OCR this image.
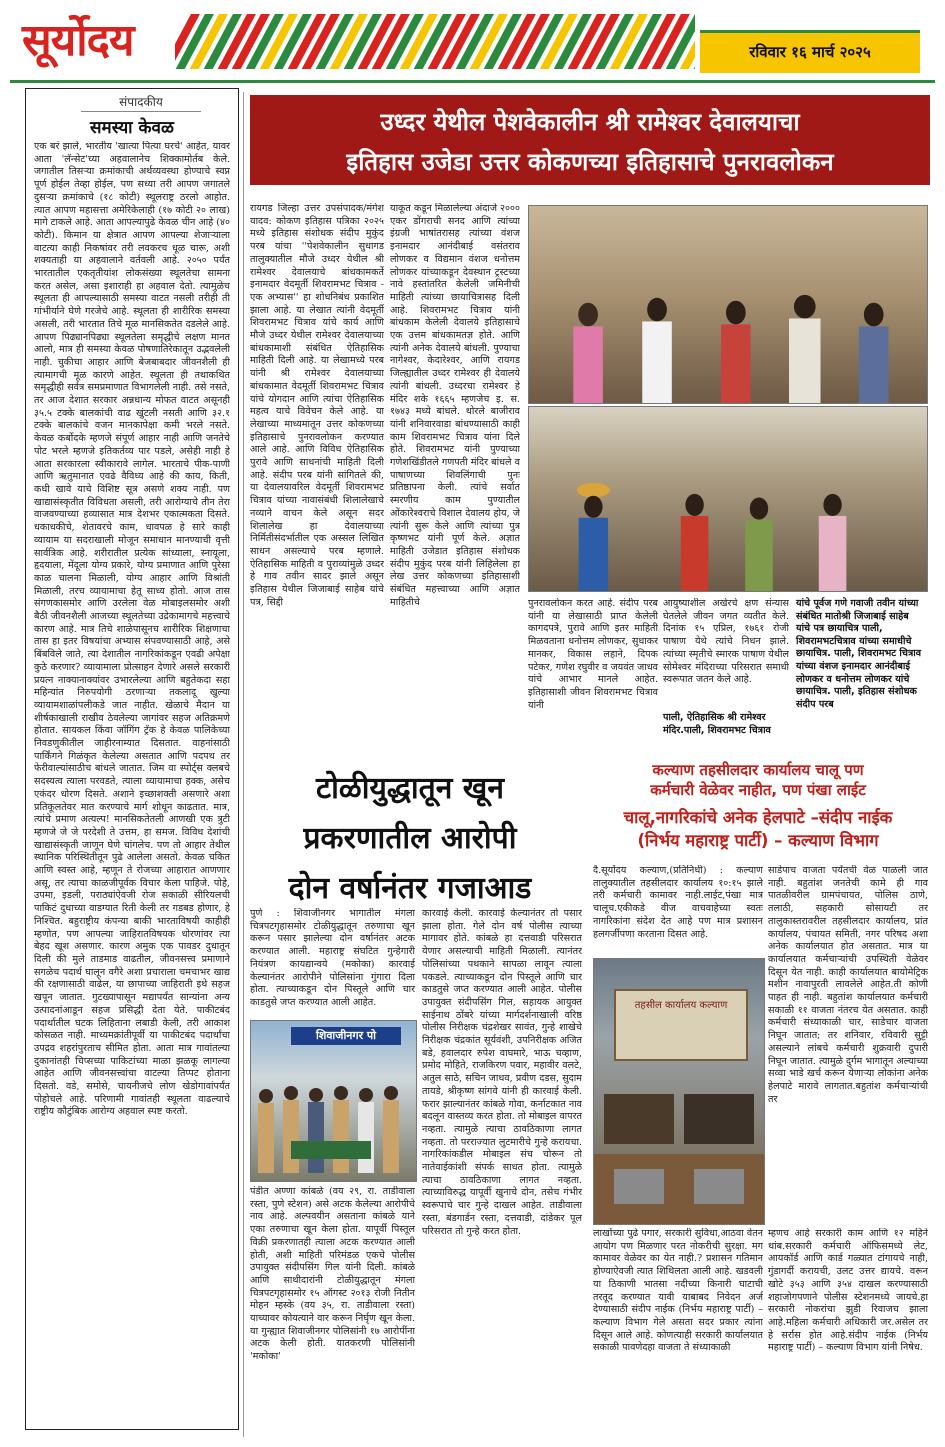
सूर्योदय	रविवार १६ मार्च २०२५
संपादकीय
समस्या केवळ
एक बरं झाले, भारतीय 'खात्या पित्या घरचे' आहेत, यावर आता 'लॅन्सेट'च्या अहवालानेच शिक्कामोर्तब केले. जगातील तिसऱ्या क्रमांकाची अर्थव्यवस्था होण्याचे स्वप्न पूर्ण होईल तेव्हा होईल, पण सध्या तरी आपण जगातले दुसऱ्या क्रमांकाचे (१८ कोटी) स्थूलराष्ट्र ठरलो आहोत. त्यात आपण महासत्ता अमेरिकेलाही (१७ कोटी २० लाख) मागे टाकले आहे. आता आपल्यापुढे केवळ चीन आहे (४० कोटी). किमान या क्षेत्रात आपण आपल्या शेजाऱ्याला वाटत्या काही निकषांवर तरी लवकरच धूळ चारू, अशी शक्यताही या अहवालाने वर्तवली आहे. २०५० पर्यंत भारतातील एकतृतीयांश लोकसंख्या स्थूलतेचा सामना करत असेल, असा इशाराही हा अहवाल देतो. त्यामुळेच स्थूलता ही आपल्यासाठी समस्या वाटत नसली तरीही ती गांभीर्याने घेणे गरजेचे आहे. स्थूलता ही शारीरिक समस्या असली, तरी भारतात तिचे मूळ मानसिकतेत दडलेले आहे. आपण पिढ्यानपिढ्या स्थूलतेला समृद्धीचे लक्षण मानत आलो, मात्र ही समस्या केवळ पोषणातिरेकातून उद्भवलेली नाही. चुकीचा आहार आणि बेजबाबदार जीवनशैली ही त्यामागची मूळ कारणे आहेत. स्थूलता ही तथाकथित समृद्धीही सर्वत्र समप्रमाणात विभागलेली नाही. तसे नसते, तर आज देशात सरकार अन्नधान्य मोफत वाटत असूनही ३५.५ टक्के बालकांची वाढ खुंटली नसती आणि ३२.१ टक्के बालकांचे वजन मानकापेक्षा कमी भरले नसते. केवळ कर्बोदके म्हणजे संपूर्ण आहार नाही आणि जनतेचे पोट भरले म्हणजे इतिकर्तव्य पार पडले, असेही नाही हे आता सरकारला स्वीकारावे लागेल. भारताचे पीक-पाणी आणि ऋतुमानात एवढे वैविध्य आहे की काय, किती, कधी खावे याचे विशिष्ट सूत्र असणे शक्य नाही. पण खाद्यासंस्कृतीत विविधता असली, तरी आरोग्याचे तीन तेरा वाजवण्याच्या हव्यासात मात्र देशभर एकात्मकता दिसते. धकाधकीचे, शेतावरचे काम, धावपळ हे सारे काही व्यायाम या सदराखाली मोजून समाधान मानण्याची वृत्ती सार्वत्रिक आहे. शरीरातील प्रत्येक सांध्याला, स्नायूला, हृदयाला, मेंदूला योग्य प्रकारे, योग्य प्रमाणात आणि पुरेसा काळ चालना मिळाली, योग्य आहार आणि विश्रांती मिळाली, तरच व्यायामाचा हेतू साध्य होतो. आज तास संगणकासमोर आणि उरलेला वेळ मोबाइलसमोर अशी बैठी जीवनशैली आजच्या स्थूलतेच्या उद्रेकामागचे महत्त्वाचे कारण आहे. मात्र तिचे शाळेपासूनच शारीरिक शिक्षणाचा तास हा इतर विषयांचा अभ्यास संपवण्यासाठी आहे, असे बिंबविले जाते, त्या देशातील नागरिकांकडून एवढी अपेक्षा कुठे करणार? व्यायामाला प्रोत्साहन देणारे असले सरकारी प्रयत्न नाक्यानाक्यांवर उभारलेल्या आणि बहुतेकदा सहा महिन्यांत निरुपयोगी ठरणाऱ्या तकलादू खुल्या व्यायामशाळांपलीकडे जात नाहीत. खेळाचे मैदान या शीर्षकाखाली राखीव ठेवलेल्या जागांवर सहज अतिक्रमणे होतात. सायकल किंवा जॉगिंग ट्रॅक हे केवळ पालिकेच्या निवडणुकीतील जाहीरनाम्यात दिसतात. वाहनांसाठी पार्किंगने गिळंकृत केलेल्या असतात आणि पदपथ तर फेरीवाल्यांसाठीच बांधले जातात. जिम वा स्पोर्ट्स क्लबचे सदस्यत्व त्याला परवडते, त्याला व्यायामाचा हक्क, असेच एकंदर धोरण दिसते. अशाने इच्छाशक्ती असणारे अशा प्रतिकूलतेवर मात करण्याचे मार्ग शोधून काढतात. मात्र, त्यांचे प्रमाण अत्यल्प! मानसिकतेतली आणखी एक त्रुटी म्हणजे जे जे परदेशी ते उत्तम, हा समज. विविध देशांची खाद्यासंस्कृती जाणून घेणे चांगलेच. पण तो आहार तेथील स्थानिक परिस्थितीतून पुढे आलेला असतो. केवळ चकित आणि स्वस्त आहे, म्हणून ते रोजच्या आहारात आणणार असू, तर त्याचा काळजीपूर्वक विचार केला पाहिजे. पोहे, उपमा, इडली, पराठ्यांऐवजी रोज सकाळी सीरियलची पाकिटं दुधाच्या वाडग्यात रिती केली तर गडबड होणार, हे निश्चित. बहुराष्ट्रीय कंपन्या बाकी भारताविषयी काहीही म्हणोत, पण आपल्या जाहिरातविषयक धोरणांवर त्या बेहद खूश असणार. कारण अमुक एक पावडर दुधातून दिली की मुले ताडमाड वाढतील, जीवनसत्त्व प्रमाणाने सगळेच पदार्थ घालून वगैरे अशा प्रचाराला चमचाभर खाद्य की रक्षणासाठी वाढेल, या छापाच्या जाहिराती इथे सहज खपून जातात. गुटख्यापासून मद्यापर्यंत सान्यांना अन्य उत्पादनांआडून सहज प्रसिद्धी देता येते. पाकीटबंद पदार्थातील घटक लिहिताना लबाडी केली, तरी आकाश कोसळत नाही. माध्यमक्रांतीपूर्वी या पाकीटबंद पदार्थांचा उपद्रव शहरांपुरताच सीमित होता. आता मात्र गावांतल्या दुकानांतही चिप्सच्या पाकिटांच्या माळा झळकू लागल्या आहेत आणि जीवनसत्त्वांचा वाटल्या तिप्पट होताना दिसतो. वडे, समोसे, चायनीजचे लोण खेडोगावांपर्यंत पोहोचले आहे. परिणामी गावांतही स्थूलता वाढल्याचे राष्ट्रीय कौटुंबिक आरोग्य अहवाल स्पष्ट करतो.
उध्दर येथील पेशवेकालीन श्री रामेश्वर देवालयाचा
इतिहास उजेडा उत्तर कोकणच्या इतिहासाचे पुनरावलोकन
रायगड जिल्हा उत्तर उपसंपादक/मंगेश यादव: कोकण इतिहास पत्रिका २०२५ मध्ये इतिहास संशोधक संदीप मुकुंद परब यांचा ''पेशवेकालीन सुधागड तालुक्यातील मौजे उध्दर येथील श्री रामेश्वर देवालयाचे बांधकामकर्ते इनामदार वेदमूर्ती शिवरामभट चित्राव - एक अभ्यास'' हा शोधनिबंध प्रकाशित झाला आहे. या लेखात त्यांनी वेदमूर्ती शिवरामभट चित्राव यांचे कार्य आणि मौजे उध्दर येथील रामेश्वर देवालयाच्या बांधकामाशी संबंधित ऐतिहासिक माहिती दिली आहे. या लेखामध्ये परब यांनी श्री रामेश्वर देवालयाच्या बांधकामात वेदमूर्ती शिवरामभट चित्राव यांचे योगदान आणि त्यांचा ऐतिहासिक महत्व याचे विवेचन केले आहे. या लेखाच्या माध्यमातून उत्तर कोकणच्या इतिहासाचे पुनरावलोकन करण्यात आले आहे. आणि विविध ऐतिहासिक पुरावे आणि साधनांची माहिती दिली आहे. संदीप परब यांनी सांगितले की, या देवालयावरिल वेदमूर्ती शिवरामभट चित्राव यांच्या नावासंबंधी शिलालेखाचे नव्याने वाचन केले असून सदर शिलालेख हा देवालयाच्या निर्मितीसंदर्भातील एक अस्सल लिखित साधन असल्याचे परब म्हणाले. ऐतिहासिक माहिती व पुराव्यांमुळे उध्दर हे गाव तवीन सादर झाले असून इतिहास येथील जिजाबाई साहेब यांचे पत्र, सिद्दी
याकूत कडून मिळालेल्या अंदाजे २००० एकर डोंगराची सनद आणि त्यांच्या इंग्रजी भाषांतरासह त्यांच्या वंशज इनामदार आनंदीबाई वसंतराव लोणकर व विद्यमान वंशज धनोत्तम लोणकर यांच्याकडून देवस्थान ट्रस्टच्या नावे हस्तांतरित केलेली जमिनीची माहिती त्यांच्या छायाचित्रासह दिली आहे. शिवरामभट चित्राव यांनी बांधकाम केलेली देवालये इतिहासाचे एक उत्तम बांधकामतज्ञ होते. आणि त्यांनी अनेक देवालये बांधली. पुण्याचा नागेश्वर, केदारेश्वर, आणि रायगड जिल्ह्यातील उध्दर रामेश्वर ही देवालये त्यांनी बांधली. उध्दरचा रामेश्वर हे मंदिर शके १६६५ म्हणजेच इ. स. १७४३ मध्ये बांधले. थोरले बाजीराव यांनी शनिवारवाडा बांधण्यासाठी काही काम शिवरामभट चित्राव यांना दिले होते. शिवरामभट यांनी पुण्याच्या गणेशखिंडीतले गणपती मंदिर बांधले व पाषाणच्या शिवलिंगाची पुनः प्रतिष्ठापना केली. त्यांचे सर्वात स्मरणीय काम पुण्यातील ओंकारेश्वराचे विशाल देवालय होय, जे त्यांनी सुरू केले आणि त्यांच्या पुत्र कृष्णभट यांनी पूर्ण केले. अज्ञात माहिती उजेडात इतिहास संशोधक संदीप मुकुंद परब यांनी लिहिलेला हा लेख उत्तर कोकणच्या इतिहासाशी संबंधित महत्त्वाच्या आणि अज्ञात माहितीचे	पुनरावलोकन करत आहे. संदीप परब यांनी या लेखासाठी प्राप्त केलेली कागदपत्रे, पुरावे आणि इतर माहिती मिळवताना धनोत्तम लोणकर, सुधाकर मानकर, विकास लहाने, दिपक पटेकर, गणेश रघुवीर व जयवंत जाधव यांचे आभार मानले आहेत. इतिहासाशी जीवन शिवरामभट चित्राव यांनी
आयुष्याशील अखेरचे क्षण संन्यास घेतलेले जीवन जगत व्यतीत केले. दिनांक १५ एप्रिल, १७६१ रोजी पाषाण येथे त्यांचे निधन झाले. त्यांच्या स्मृतीचे स्मारक पाषाण येथील सोमेश्वर मंदिराच्या परिसरात समाधी स्वरूपात जतन केले आहे.
पाली, ऐतिहासिक श्री रामेश्वर मंदिर.पाली, शिवरामभट चित्राव
यांचे पूर्वज गणे गवाजी तवीन यांच्या संबंधित मातोश्री जिजाबाई साहेब यांचे पत्र छायाचित्र पाली, शिवरामभटचित्राव यांच्या समाधीचे छायाचित्र. पाली, शिवरामभट चित्राव यांच्या वंशज इनामदार आनंदीबाई लोणकर व धनोत्तम लोणकर यांचे छायाचित्र. पाली, इतिहास संशोधक संदीप परब
टोळीयुद्धातून खून
प्रकरणातील आरोपी
दोन वर्षानंतर गजाआड
पुणे : शिवाजीनगर भागातील मंगला चित्रपटगृहासमोर टोळीयुद्धातून तरुणाचा खून करून पसार झालेल्या दोन वर्षानंतर अटक करण्यात आली. महाराष्ट्र संघटित गुन्हेगारी नियंत्रण कायद्यान्वये (मकोका) कारवाई केल्यानंतर आरोपीने पोलिसांना गुंगारा दिला होता. त्याच्याकडून दोन पिस्तूले आणि चार काडतुसे जप्त करण्यात आली आहेत.
शिवाजीनगर पो
पंडीत अण्णा कांबळे (वय २९, रा. ताडीवाला रस्ता, पुणे स्टेशन) असे अटक केलेल्या आरोपीचे नाव आहे. अल्पवयीन असताना कांबळे याने एका तरुणाचा खून केला होता. यापूर्वी पिस्तूल विक्री प्रकरणातही त्याला अटक करण्यात आली होती, अशी माहिती परिमंडळ एकचे पोलीस उपायुक्त संदीपसिंग गिल यांनी दिली. कांबळे आणि साथीदारांनी टोळीयुद्धातून मंगला चित्रपटगृहासमोर १५ ऑगस्ट २०१३ रोजी नितीन मोहन म्हस्के (वय ३५, रा. ताडीवाला रस्ता) याच्यावर कोयत्याने वार करून निर्घृण खून केला. या गुन्ह्यात शिवाजीनगर पोलिसांनी १७ आरोपींना अटक केली होती. यातकरणी पोलिसांनी 'मकोका'
कारवाई केली. कारवाई केल्यानंतर तो पसार झाला होता. गेले दोन वर्ष पोलीस त्याच्या मागावर होते. कांबळे हा दत्तवाडी परिसरात येणार असल्याची माहिती मिळाली. त्यानंतर पोलिसांच्या पथकाने सापळा लावून त्याला पकडले. त्याच्याकडून दोन पिस्तूले आणि चार काडतुसे जप्त करण्यात आली आहेत. पोलीस उपायुक्त संदीपसिंग गिल, सहायक आयुक्त साईनाथ ठोंबरे यांच्या मार्गदर्शनाखाली वरिष्ठ पोलीस निरीक्षक चंद्रशेखर सावंत, गुन्हे शाखेचे निरीक्षक चंद्रकांत सूर्यवंशी, उपनिरीक्षक अजित बडे, हवालदार रुपेश वाघमारे, भाऊ चव्हाण, प्रमोद मोहिते, राजकिरण पवार, महावीर वलटे, अतुल साठे, सचिन जाधव, प्रवीण दडस, सुदाम तायडे, श्रीकृष्ण सांगवे यांनी ही कारवाई केली. फरार झाल्यानंतर कांबळे गोवा, कर्नाटकात नाव बदलून वास्तव्य करत होता. तो मोबाइल वापरत नव्हता. त्यामुळे त्याचा ठावठिकाणा लागत नव्हता. तो परराज्यात लुटमारीचे गुन्हे करायचा. नागरिकांकडील मोबाइल संच चोरून तो नातेवाईकांशी संपर्क साधत होता. त्यामुळे त्याचा ठावठिकाणा लागत नव्हता. त्याच्याविरुद्ध यापूर्वी खुनाचे दोन, तसेच गंभीर स्वरूपाचे चार गुन्हे दाखल आहेत. ताडीवाला रस्ता, बंडगार्डन रस्ता, दत्तवाडी, दांडेकर पूल परिसरात तो गुन्हे करत होता.
कल्याण तहसीलदार कार्यालय चालू पण
कर्मचारी वेळेवर नाहीत, पण पंखा लाईट
चालू,नागरिकांचे अनेक हेलपाटे –संदीप नाईक
(निर्भय महाराष्ट्र पार्टी) – कल्याण विभाग
दै.सूर्योदय कल्याण,(प्रतिनिधी) : कल्याण तालुक्यातील तहसीलदार कार्यालय १०:१५ झाले तरी कर्मचारी कामावर नाही.लाईट,पंखा मात्र चालूच.एकीकडे वीज वाचवाहेच्या स्वतः नागरिकांना संदेश देत आहे पण मात्र प्रशासन हलगर्जीपणा करताना दिसत आहे.
तहसील कार्यालय कल्याण
लाखोंच्या पुढे पगार, सरकारी सुविधा,आठवा वेतन आयोग पण मिळणार परत नोकरीची सुरक्षा. मग कामावर वेळेवर का येत नाही.? प्रशासन गतिमान होण्याऐवजी त्यात शिथिलता आली आहे. खडवली या ठिकाणी भातसा नदीच्या किनारी घाटाची तरतूद करण्यात यावी याबाबद निवेदन अर्ज देण्यासाठी संदीप नाईक (निर्भय महाराष्ट्र पार्टी) – कल्याण विभाग गेले असता सदर प्रकार त्यांना दिसून आले आहे. कोणत्याही सरकारी कार्यालयात सकाळी पावणेदहा वाजता ते संध्याकाळी
साडेपाच वाजता पर्यंतची वेळ पाळली जात नाही. बहुतांश जनतेची कामे ही गाव पातळीवरील ग्रामपंचायत, पोलिस ठाणे, तलाठी, सहकारी सोसायटी तर तालुकास्तरावरील तहसीलदार कार्यालय, प्रांत कार्यालय, पंचायत समिती, नगर परिषद अशा अनेक कार्यालयात होत असतात. मात्र या कार्यालयात कर्मचाऱ्यांची उपस्थिती वेळेवर दिसून येत नाही. काही कार्यालयात बायोमेट्रिक मशीन नावापुरती लावलेले आहेत.ती कोणी पाहत ही नाही. बहुतांश कार्यालयात कर्मचारी सकाळी ११ वाजता नंतरच येत असतात. काही कर्मचारी संध्याकाळी चार, साडेचार वाजता निघून जातात; तर शनिवार, रविवारी सुट्टी असल्याने लांबचे कर्मचारी शुक्रवारी दुपारी निघून जातात. त्यामुळे दुर्गम भागातून अल्याच्या सव्वा भाडे खर्च करून येणाऱ्या लोकांना अनेक हेलपाटे मारावे लागतात.बहुतांश कर्मचाऱ्यांची तर
म्हणच आहे सरकारी काम आणि १२ महिने थांब.सरकारी कर्मचारी ऑफिसमध्ये लेट, आयकॉर्ड आणि कार्ड गळ्यात टांगायचे नाही, गुंडागर्दी करायची, उलट उत्तर द्यायचे. वरून खोटे ३५३ आणि ३५४ दाखल करण्यासाठी शहाजोगपणाने पोलीस स्टेशनमध्ये जायचे.हा सरकारी नोकरांचा झुडी रिवाजच झाला आहे.महिला कर्मचारी अधिकारी जर.असेल तर हे सर्रास होत आहे.संदीप नाईक (निर्भय महाराष्ट्र पार्टी) – कल्याण विभाग यांनी निषेध.
